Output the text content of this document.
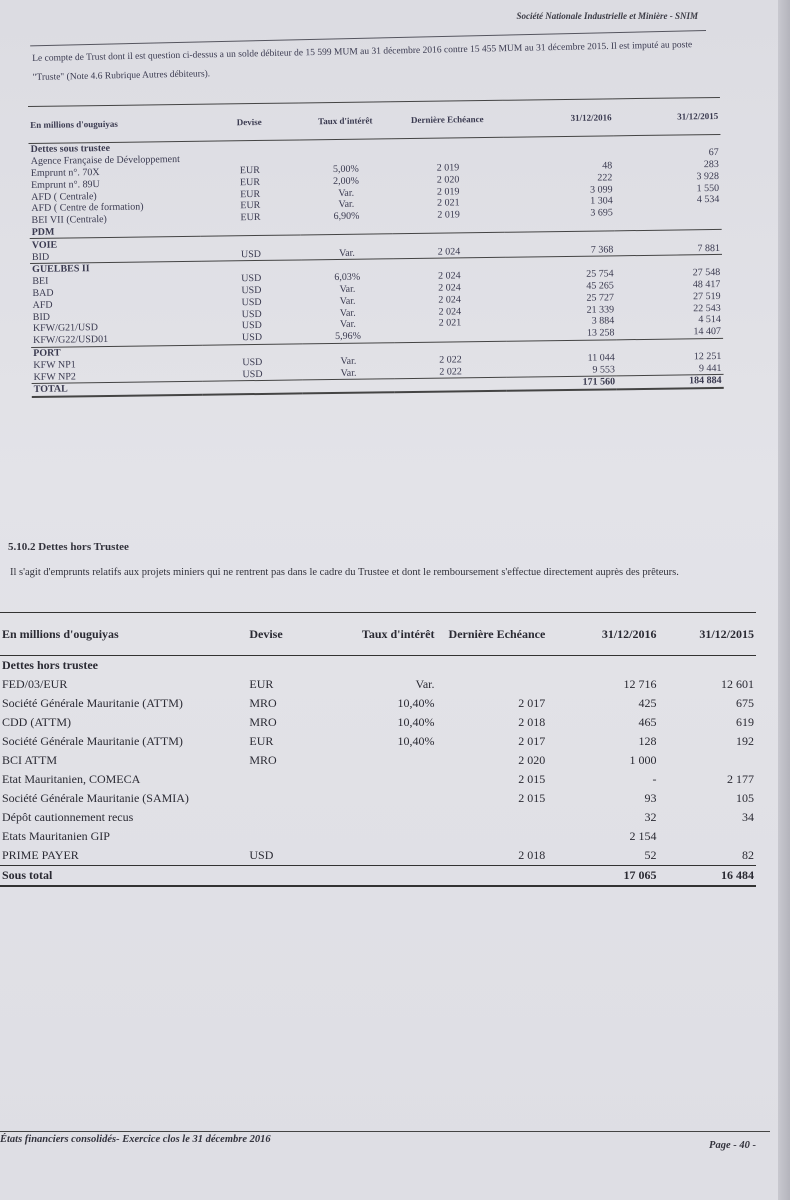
Société Nationale Industrielle et Minière - SNIM
Le compte de Trust dont il est question ci-dessus a un solde débiteur de 15 599 MUM au 31 décembre 2016 contre 15 455 MUM au 31 décembre 2015. Il est imputé au poste "Truste" (Note 4.6 Rubrique Autres débiteurs).
En millions d'ouguiyas	Devise	Taux d'intérêt	Dernière Echéance	31/12/2016	31/12/2015
Dettes sous trustee					
Agence Française de Développement					67
Emprunt n°. 70X	EUR	5,00%	2 019	48	283
Emprunt n°. 89U	EUR	2,00%	2 020	222	3 928
AFD ( Centrale)	EUR	Var.	2 019	3 099	1 550
AFD ( Centre de formation)	EUR	Var.	2 021	1 304	4 534
BEI VII (Centrale)	EUR	6,90%	2 019	3 695	
PDM					
VOIE					
BID	USD	Var.	2 024	7 368	7 881
GUELBES II					
BEI	USD	6,03%	2 024	25 754	27 548
BAD	USD	Var.	2 024	45 265	48 417
AFD	USD	Var.	2 024	25 727	27 519
BID	USD	Var.	2 024	21 339	22 543
KFW/G21/USD	USD	Var.	2 021	3 884	4 514
KFW/G22/USD01	USD	5,96%		13 258	14 407
PORT					
KFW NP1	USD	Var.	2 022	11 044	12 251
KFW NP2	USD	Var.	2 022	9 553	9 441
TOTAL				171 560	184 884
5.10.2 Dettes hors Trustee
Il s'agit d'emprunts relatifs aux projets miniers qui ne rentrent pas dans le cadre du Trustee et dont le remboursement s'effectue directement auprès des prêteurs.
En millions d'ouguiyas	Devise	Taux d'intérêt	Dernière Echéance	31/12/2016	31/12/2015
Dettes hors trustee					
FED/03/EUR	EUR	Var.		12 716	12 601
Société Générale Mauritanie (ATTM)	MRO	10,40%	2 017	425	675
CDD (ATTM)	MRO	10,40%	2 018	465	619
Société Générale Mauritanie (ATTM)	EUR	10,40%	2 017	128	192
BCI ATTM	MRO		2 020	1 000	
Etat Mauritanien, COMECA			2 015	-	2 177
Société Générale Mauritanie (SAMIA)			2 015	93	105
Dépôt cautionnement recus				32	34
Etats Mauritanien GIP				2 154	
PRIME PAYER	USD		2 018	52	82
Sous total				17 065	16 484
États financiers consolidés- Exercice clos le 31 décembre 2016
Page - 40 -
